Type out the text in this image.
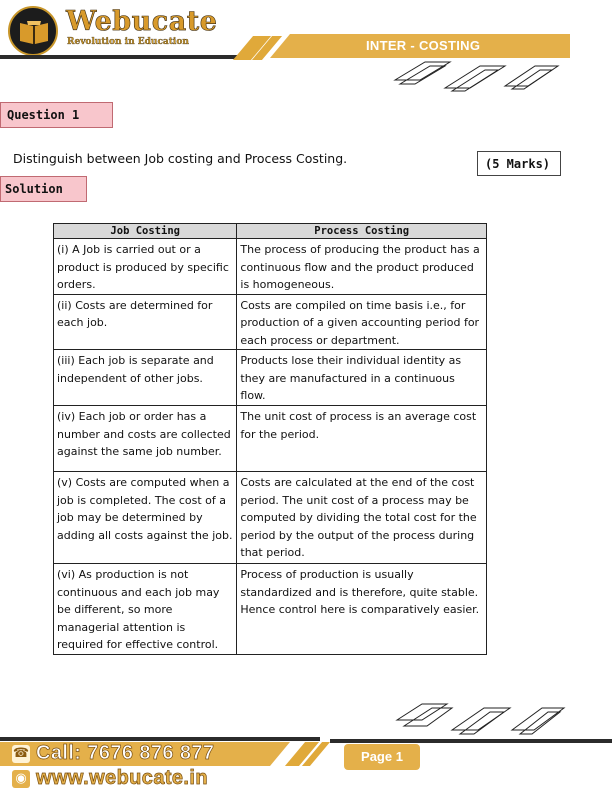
Webucate
Revolution in Education	INTER - COSTING
Question 1
Distinguish between Job costing and Process Costing.	(5 Marks)
Solution
Job Costing	Process Costing
(i) A Job is carried out or a product is produced by specific orders.	The process of producing the product has a continuous flow and the product produced is homogeneous.
(ii) Costs are determined for each job.	Costs are compiled on time basis i.e., for production of a given accounting period for each process or department.
(iii) Each job is separate and independent of other jobs.	Products lose their individual identity as they are manufactured in a continuous flow.
(iv) Each job or order has a number and costs are collected against the same job number.	The unit cost of process is an average cost for the period.
(v) Costs are computed when a job is completed. The cost of a job may be determined by adding all costs against the job.	Costs are calculated at the end of the cost period. The unit cost of a process may be computed by dividing the total cost for the period by the output of the process during that period.
(vi) As production is not continuous and each job may be different, so more managerial attention is required for effective control.	Process of production is usually standardized and is therefore, quite stable. Hence control here is comparatively easier.
☎ Call: 7676 876 877
◉ www.webucate.in
Page 1
